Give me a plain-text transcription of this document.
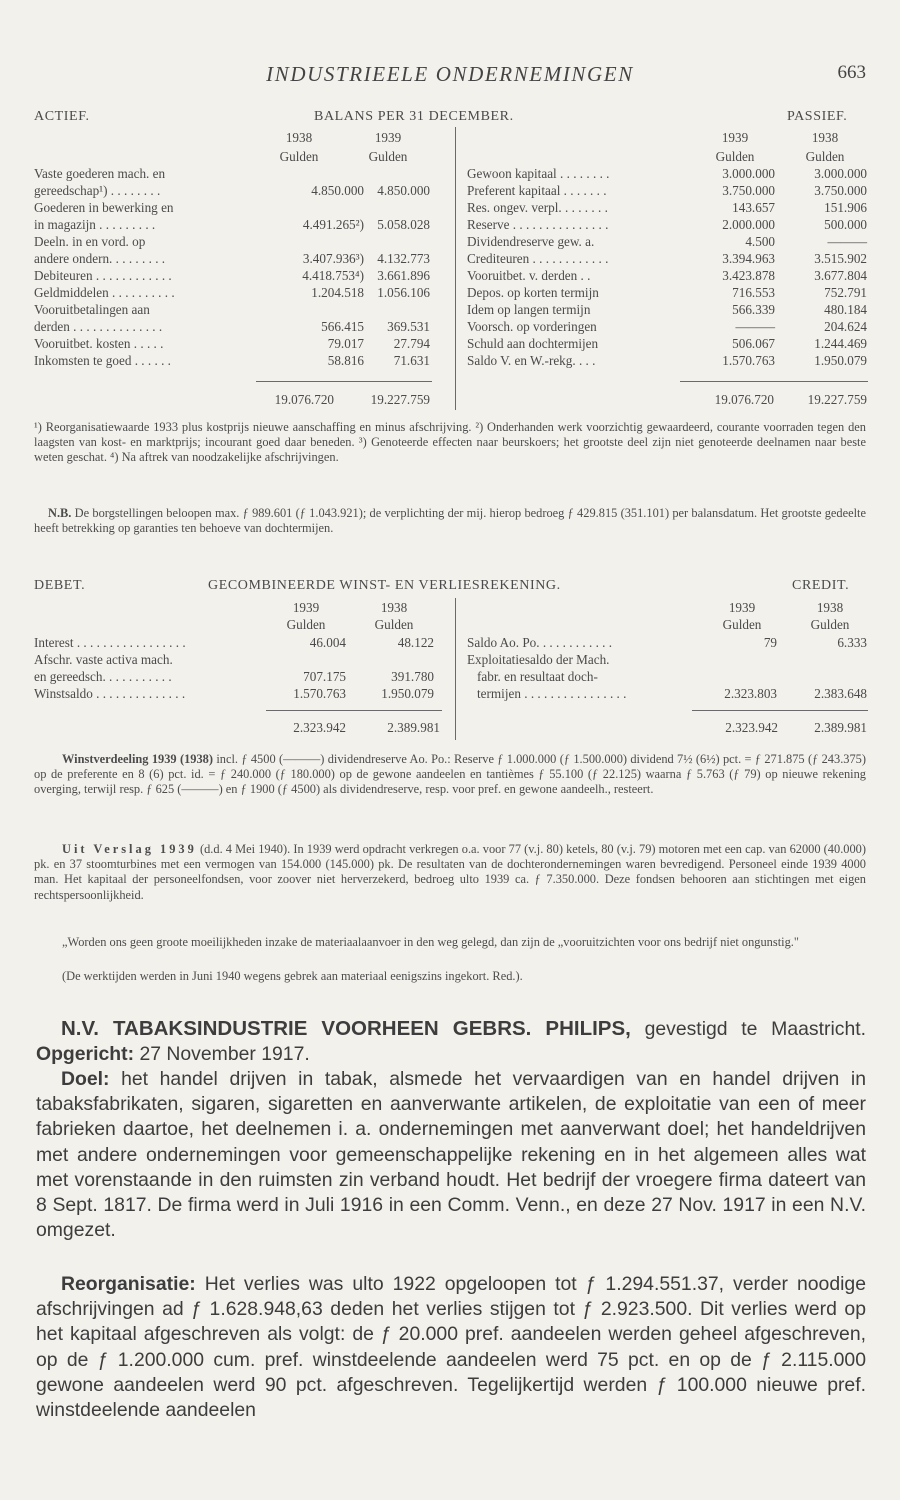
INDUSTRIEELE ONDERNEMINGEN	663
ACTIEF.	BALANS PER 31 DECEMBER.	PASSIEF.
1938	1939
Gulden	Gulden
1939	1938
Gulden	Gulden
Vaste goederen mach. en
gereedschap¹) . . . . . . . .	4.850.000	4.850.000
Goederen in bewerking en
in magazijn . . . . . . . . .	4.491.265²)	5.058.028
Deeln. in en vord. op
andere ondern. . . . . . . . .	3.407.936³)	4.132.773
Debiteuren . . . . . . . . . . . .	4.418.753⁴)	3.661.896
Geldmiddelen . . . . . . . . . .	1.204.518	1.056.106
Vooruitbetalingen aan
derden . . . . . . . . . . . . . .	566.415	369.531
Vooruitbet. kosten . . . . .	79.017	27.794
Inkomsten te goed . . . . . .	58.816	71.631
19.076.720	19.227.759
Gewoon kapitaal . . . . . . . .	3.000.000	3.000.000
Preferent kapitaal . . . . . . .	3.750.000	3.750.000
Res. ongev. verpl. . . . . . . .	143.657	151.906
Reserve . . . . . . . . . . . . . . .	2.000.000	500.000
Dividendreserve gew. a.	4.500	———
Crediteuren . . . . . . . . . . . .	3.394.963	3.515.902
Vooruitbet. v. derden . .	3.423.878	3.677.804
Depos. op korten termijn	716.553	752.791
Idem op langen termijn	566.339	480.184
Voorsch. op vorderingen	———	204.624
Schuld aan dochtermijen	506.067	1.244.469
Saldo V. en W.-rekg. . . .	1.570.763	1.950.079
19.076.720	19.227.759
¹) Reorganisatiewaarde 1933 plus kostprijs nieuwe aanschaffing en minus afschrijving. ²) Onderhanden werk voorzichtig gewaardeerd, courante voorraden tegen den laagsten van kost- en marktprijs; incourant goed daar beneden. ³) Genoteerde effecten naar beurskoers; het grootste deel zijn niet genoteerde deelnamen naar beste weten geschat. ⁴) Na aftrek van noodzakelijke afschrijvingen.
N.B. De borgstellingen beloopen max. ƒ 989.601 (ƒ 1.043.921); de verplichting der mij. hierop bedroeg ƒ 429.815 (351.101) per balansdatum. Het grootste gedeelte heeft betrekking op garanties ten behoeve van dochtermijen.
DEBET.	GECOMBINEERDE WINST- EN VERLIESREKENING.	CREDIT.
1939	1938
Gulden	Gulden
1939	1938
Gulden	Gulden
Interest . . . . . . . . . . . . . . . . .	46.004	48.122
Afschr. vaste activa mach.
en gereedsch. . . . . . . . . . .	707.175	391.780
Winstsaldo . . . . . . . . . . . . . .	1.570.763	1.950.079
2.323.942	2.389.981
Saldo Ao. Po. . . . . . . . . . . .	79	6.333
Exploitatiesaldo der Mach.
fabr. en resultaat doch-
termijen . . . . . . . . . . . . . . . .	2.323.803	2.383.648
2.323.942	2.389.981
Winstverdeeling 1939 (1938) incl. ƒ 4500 (———) dividendreserve Ao. Po.: Reserve ƒ 1.000.000 (ƒ 1.500.000) dividend 7½ (6½) pct. = ƒ 271.875 (ƒ 243.375) op de preferente en 8 (6) pct. id. = ƒ 240.000 (ƒ 180.000) op de gewone aandeelen en tantièmes ƒ 55.100 (ƒ 22.125) waarna ƒ 5.763 (ƒ 79) op nieuwe rekening overging, terwijl resp. ƒ 625 (———) en ƒ 1900 (ƒ 4500) als dividendreserve, resp. voor pref. en gewone aandeelh., resteert.
Uit Verslag 1939 (d.d. 4 Mei 1940). In 1939 werd opdracht verkregen o.a. voor 77 (v.j. 80) ketels, 80 (v.j. 79) motoren met een cap. van 62000 (40.000) pk. en 37 stoomturbines met een vermogen van 154.000 (145.000) pk. De resultaten van de dochterondernemingen waren bevredigend. Personeel einde 1939 4000 man. Het kapitaal der personeelfondsen, voor zoover niet herverzekerd, bedroeg ulto 1939 ca. ƒ 7.350.000. Deze fondsen behooren aan stichtingen met eigen rechtspersoonlijkheid.
„Worden ons geen groote moeilijkheden inzake de materiaalaanvoer in den weg gelegd, dan zijn de „vooruitzichten voor ons bedrijf niet ongunstig."
(De werktijden werden in Juni 1940 wegens gebrek aan materiaal eenigszins ingekort. Red.).
N.V. TABAKSINDUSTRIE VOORHEEN GEBRS. PHILIPS, gevestigd te Maastricht. Opgericht: 27 November 1917.
Doel: het handel drijven in tabak, alsmede het vervaardigen van en handel drijven in tabaksfabrikaten, sigaren, sigaretten en aanverwante artikelen, de exploitatie van een of meer fabrieken daartoe, het deelnemen i. a. ondernemingen met aanverwant doel; het handeldrijven met andere ondernemingen voor gemeenschappelijke rekening en in het algemeen alles wat met vorenstaande in den ruimsten zin verband houdt. Het bedrijf der vroegere firma dateert van 8 Sept. 1817. De firma werd in Juli 1916 in een Comm. Venn., en deze 27 Nov. 1917 in een N.V. omgezet.
Reorganisatie: Het verlies was ulto 1922 opgeloopen tot ƒ 1.294.551.37, verder noodige afschrijvingen ad ƒ 1.628.948,63 deden het verlies stijgen tot ƒ 2.923.500. Dit verlies werd op het kapitaal afgeschreven als volgt: de ƒ 20.000 pref. aandeelen werden geheel afgeschreven, op de ƒ 1.200.000 cum. pref. winstdeelende aandeelen werd 75 pct. en op de ƒ 2.115.000 gewone aandeelen werd 90 pct. afgeschreven. Tegelijkertijd werden ƒ 100.000 nieuwe pref. winstdeelende aandeelen
